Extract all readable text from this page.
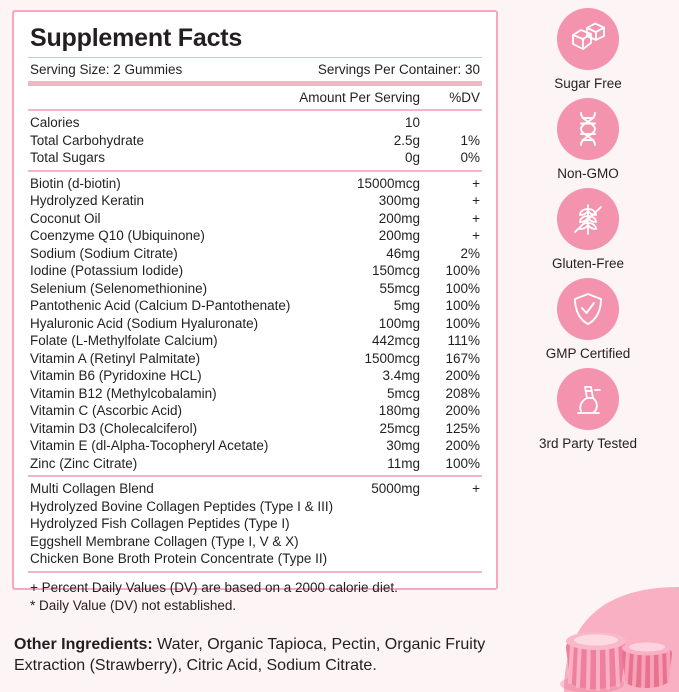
Supplement Facts
Serving Size: 2 Gummies	Servings Per Container: 30
Amount Per Serving	%DV
Calories	10
Total Carbohydrate	2.5g	1%
Total Sugars	0g	0%
Biotin (d-biotin)	15000mcg	+
Hydrolyzed Keratin	300mg	+
Coconut Oil	200mg	+
Coenzyme Q10 (Ubiquinone)	200mg	+
Sodium (Sodium Citrate)	46mg	2%
Iodine (Potassium Iodide)	150mcg	100%
Selenium (Selenomethionine)	55mcg	100%
Pantothenic Acid (Calcium D-Pantothenate)	5mg	100%
Hyaluronic Acid (Sodium Hyaluronate)	100mg	100%
Folate (L-Methylfolate Calcium)	442mcg	111%
Vitamin A (Retinyl Palmitate)	1500mcg	167%
Vitamin B6 (Pyridoxine HCL)	3.4mg	200%
Vitamin B12 (Methylcobalamin)	5mcg	208%
Vitamin C (Ascorbic Acid)	180mg	200%
Vitamin D3 (Cholecalciferol)	25mcg	125%
Vitamin E (dl-Alpha-Tocopheryl Acetate)	30mg	200%
Zinc (Zinc Citrate)	11mg	100%
Multi Collagen Blend	5000mg	+
Hydrolyzed Bovine Collagen Peptides (Type I & III)
Hydrolyzed Fish Collagen Peptides (Type I)
Eggshell Membrane Collagen (Type I, V & X)
Chicken Bone Broth Protein Concentrate (Type II)
+ Percent Daily Values (DV) are based on a 2000 calorie diet.
* Daily Value (DV) not established.
Other Ingredients: Water, Organic Tapioca, Pectin, Organic Fruity Extraction (Strawberry), Citric Acid, Sodium Citrate.
Sugar Free
Non-GMO
Gluten-Free
GMP Certified
3rd Party Tested
